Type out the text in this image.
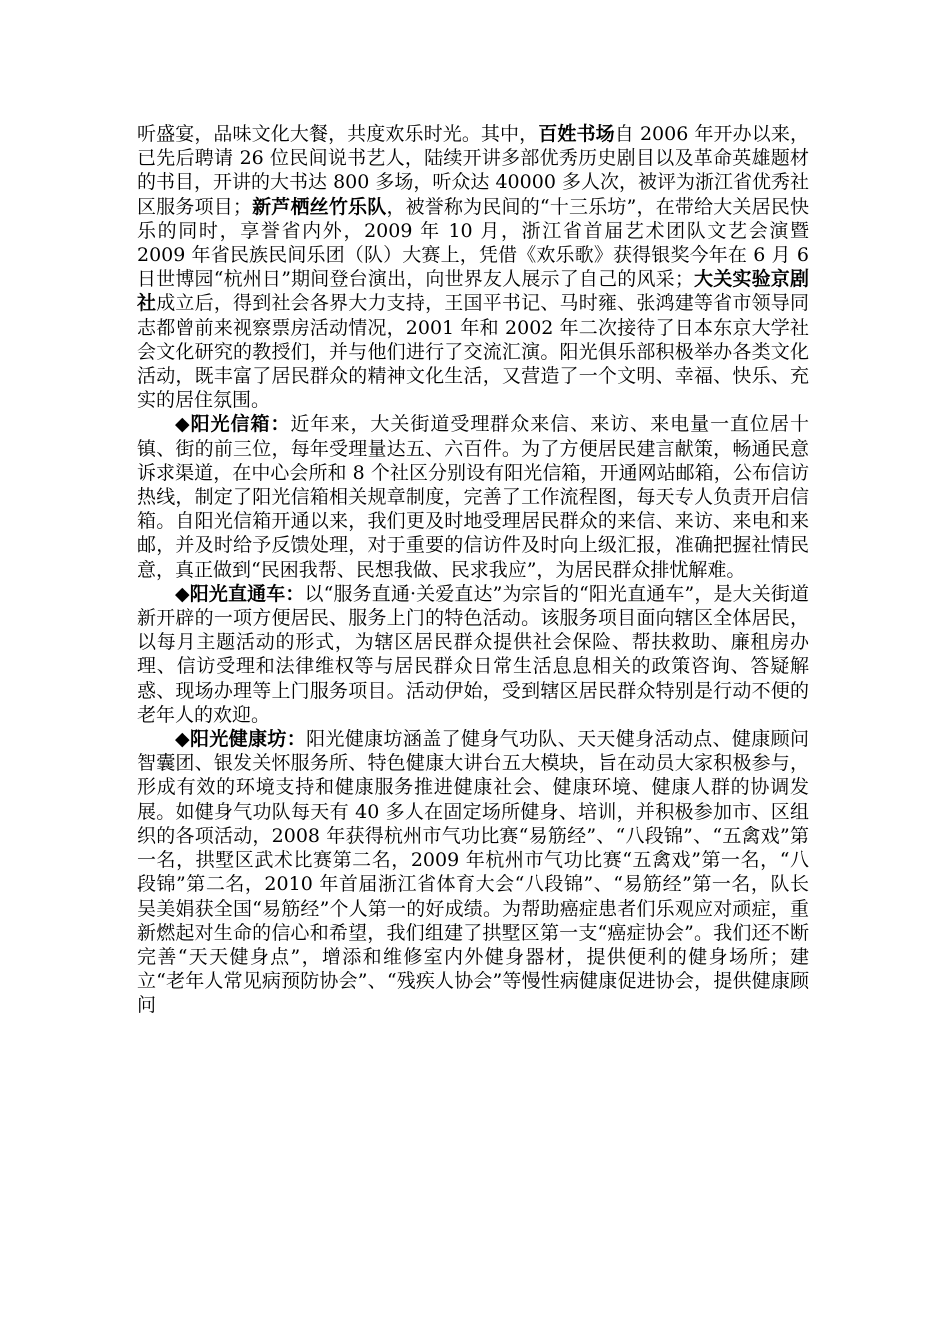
听盛宴，品味文化大餐，共度欢乐时光。其中，百姓书场自 2006 年开办以来，已先后聘请 26 位民间说书艺人，陆续开讲多部优秀历史剧目以及革命英雄题材的书目，开讲的大书达 800 多场，听众达 40000 多人次，被评为浙江省优秀社区服务项目；新芦栖丝竹乐队，被誉称为民间的“十三乐坊”，在带给大关居民快乐的同时，享誉省内外，2009 年 10 月，浙江省首届艺术团队文艺会演暨 2009 年省民族民间乐团（队）大赛上，凭借《欢乐歌》获得银奖今年在 6 月 6 日世博园“杭州日”期间登台演出，向世界友人展示了自己的风采；大关实验京剧社成立后，得到社会各界大力支持，王国平书记、马时雍、张鸿建等省市领导同志都曾前来视察票房活动情况，2001 年和 2002 年二次接待了日本东京大学社会文化研究的教授们，并与他们进行了交流汇演。阳光俱乐部积极举办各类文化活动，既丰富了居民群众的精神文化生活，又营造了一个文明、幸福、快乐、充实的居住氛围。

◆阳光信箱：近年来，大关街道受理群众来信、来访、来电量一直位居十镇、街的前三位，每年受理量达五、六百件。为了方便居民建言献策，畅通民意诉求渠道，在中心会所和 8 个社区分别设有阳光信箱，开通网站邮箱，公布信访热线，制定了阳光信箱相关规章制度，完善了工作流程图，每天专人负责开启信箱。自阳光信箱开通以来，我们更及时地受理居民群众的来信、来访、来电和来邮，并及时给予反馈处理，对于重要的信访件及时向上级汇报，准确把握社情民意，真正做到“民困我帮、民想我做、民求我应”，为居民群众排忧解难。

◆阳光直通车：以“服务直通·关爱直达”为宗旨的“阳光直通车”，是大关街道新开辟的一项方便居民、服务上门的特色活动。该服务项目面向辖区全体居民，以每月主题活动的形式，为辖区居民群众提供社会保险、帮扶救助、廉租房办理、信访受理和法律维权等与居民群众日常生活息息相关的政策咨询、答疑解惑、现场办理等上门服务项目。活动伊始，受到辖区居民群众特别是行动不便的老年人的欢迎。

◆阳光健康坊：阳光健康坊涵盖了健身气功队、天天健身活动点、健康顾问智囊团、银发关怀服务所、特色健康大讲台五大模块，旨在动员大家积极参与，形成有效的环境支持和健康服务推进健康社会、健康环境、健康人群的协调发展。如健身气功队每天有 40 多人在固定场所健身、培训，并积极参加市、区组织的各项活动，2008 年获得杭州市气功比赛“易筋经”、“八段锦”、“五禽戏”第一名，拱墅区武术比赛第二名，2009 年杭州市气功比赛“五禽戏”第一名，“八段锦”第二名，2010 年首届浙江省体育大会“八段锦”、“易筋经”第一名，队长吴美娟获全国“易筋经”个人第一的好成绩。为帮助癌症患者们乐观应对顽症，重新燃起对生命的信心和希望，我们组建了拱墅区第一支“癌症协会”。我们还不断完善“天天健身点”，增添和维修室内外健身器材，提供便利的健身场所；建立“老年人常见病预防协会”、“残疾人协会”等慢性病健康促进协会，提供健康顾问
